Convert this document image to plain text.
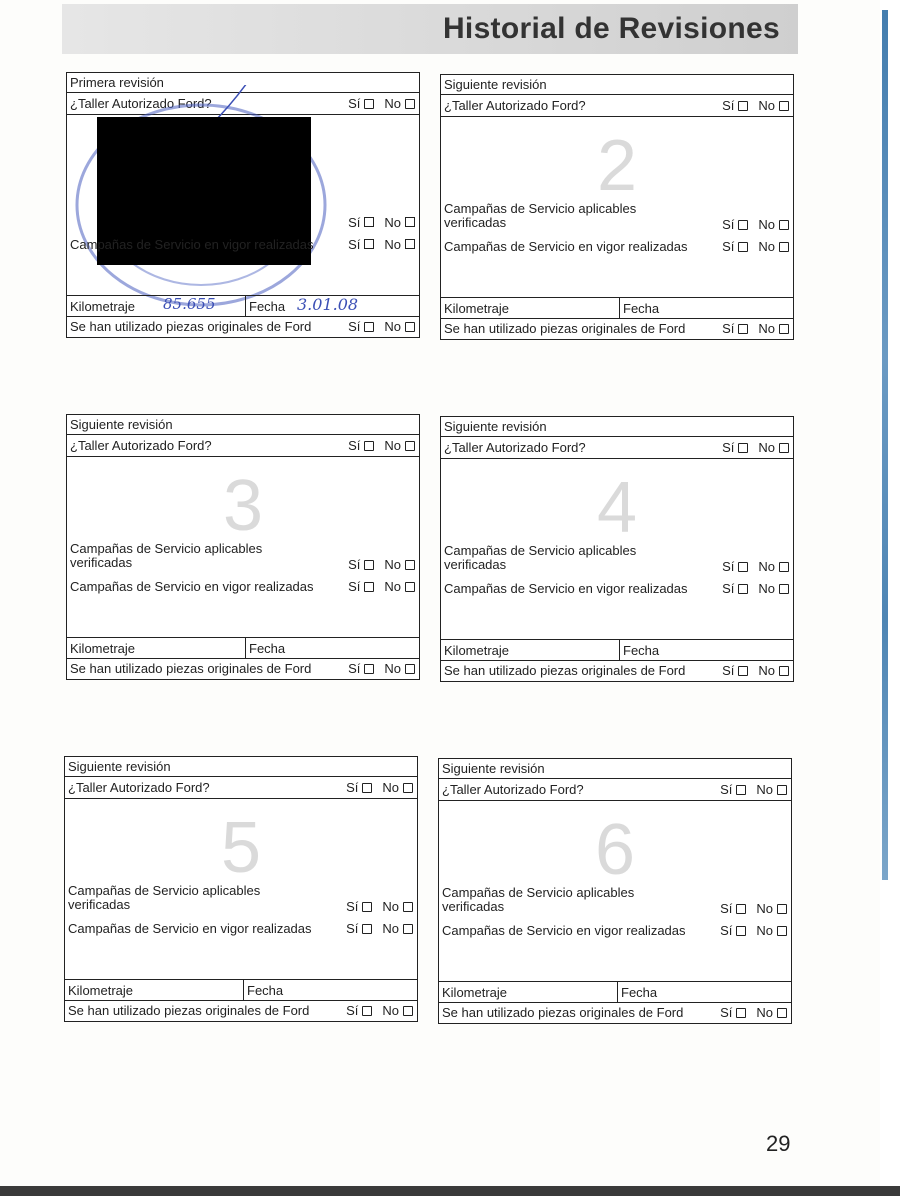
Historial de Revisiones
Primera revisión
¿Taller Autorizado Ford?	Sí No
Sí No
Campañas de Servicio en vigor realizadas	Sí No
Kilometraje	Fecha
85.655	3.01.08
Se han utilizado piezas originales de Ford	Sí No
Siguiente revisión
¿Taller Autorizado Ford?	Sí No
2
Campañas de Servicio aplicables
verificadas	Sí No
Campañas de Servicio en vigor realizadas	Sí No
Kilometraje	Fecha
Se han utilizado piezas originales de Ford	Sí No
Siguiente revisión
¿Taller Autorizado Ford?	Sí No
3
Campañas de Servicio aplicables
verificadas	Sí No
Campañas de Servicio en vigor realizadas	Sí No
Kilometraje	Fecha
Se han utilizado piezas originales de Ford	Sí No
Siguiente revisión
¿Taller Autorizado Ford?	Sí No
4
Campañas de Servicio aplicables
verificadas	Sí No
Campañas de Servicio en vigor realizadas	Sí No
Kilometraje	Fecha
Se han utilizado piezas originales de Ford	Sí No
Siguiente revisión
¿Taller Autorizado Ford?	Sí No
5
Campañas de Servicio aplicables
verificadas	Sí No
Campañas de Servicio en vigor realizadas	Sí No
Kilometraje	Fecha
Se han utilizado piezas originales de Ford	Sí No
Siguiente revisión
¿Taller Autorizado Ford?	Sí No
6
Campañas de Servicio aplicables
verificadas	Sí No
Campañas de Servicio en vigor realizadas	Sí No
Kilometraje	Fecha
Se han utilizado piezas originales de Ford	Sí No
29
